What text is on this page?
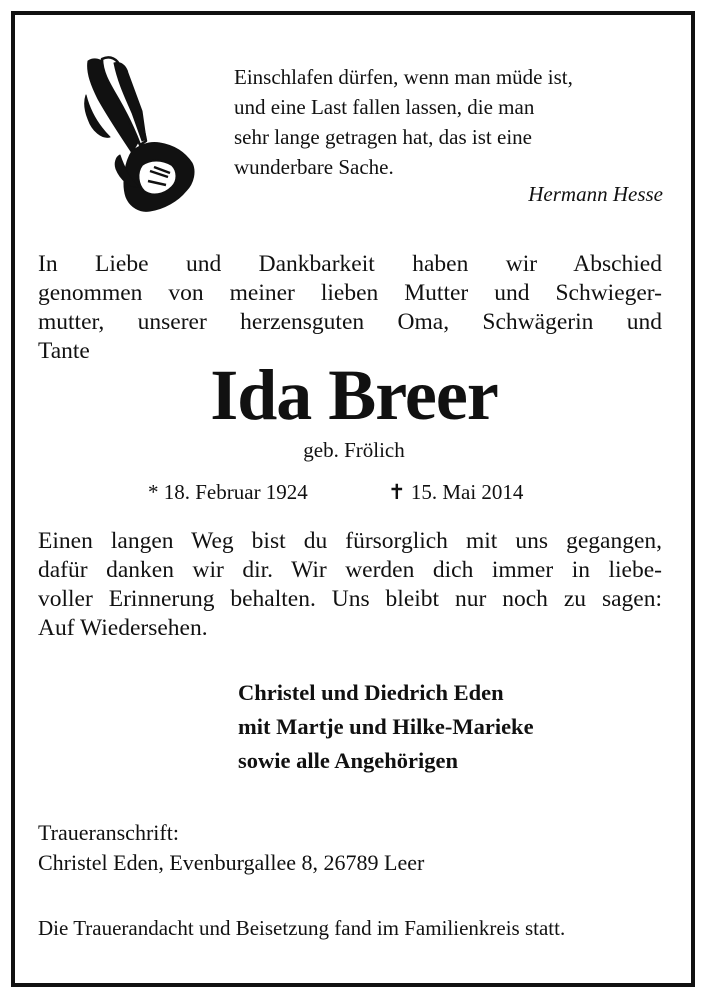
Einschlafen dürfen, wenn man müde ist,
und eine Last fallen lassen, die man
sehr lange getragen hat, das ist eine
wunderbare Sache.
Hermann Hesse
In Liebe und Dankbarkeit haben wir Abschied
genommen von meiner lieben Mutter und Schwieger-
mutter, unserer herzensguten Oma, Schwägerin und
Tante
Ida Breer
geb. Frölich
* 18. Februar 1924	✝ 15. Mai 2014
Einen langen Weg bist du fürsorglich mit uns gegangen,
dafür danken wir dir. Wir werden dich immer in liebe-
voller Erinnerung behalten. Uns bleibt nur noch zu sagen:
Auf Wiedersehen.
Christel und Diedrich Eden
mit Martje und Hilke-Marieke
sowie alle Angehörigen
Traueranschrift:
Christel Eden, Evenburgallee 8, 26789 Leer
Die Trauerandacht und Beisetzung fand im Familienkreis statt.
